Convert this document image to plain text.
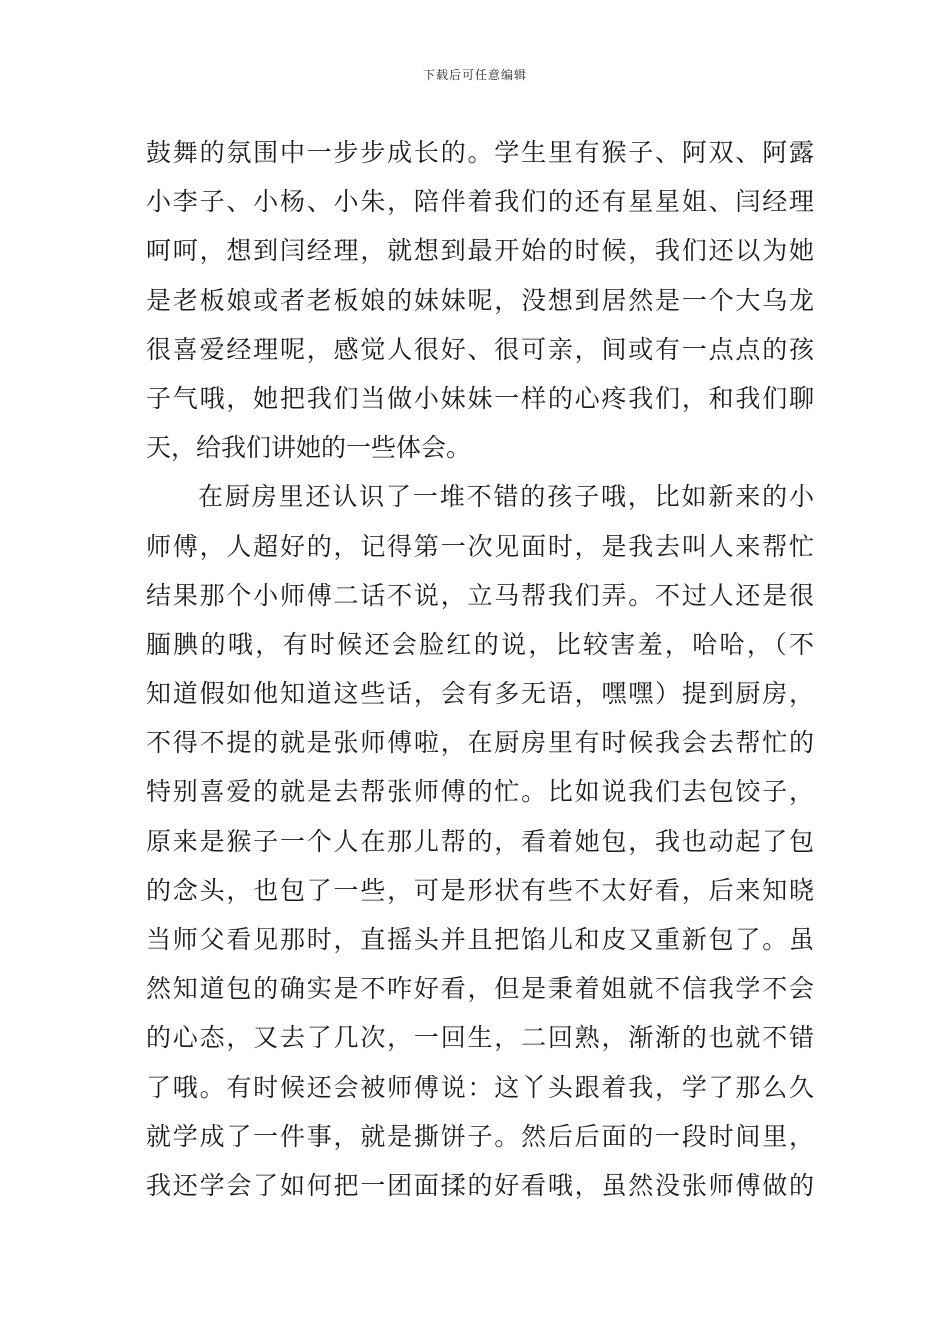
下载后可任意编辑
鼓舞的氛围中一步步成长的。学生里有猴子、阿双、阿露
小李子、小杨、小朱，陪伴着我们的还有星星姐、闫经理
呵呵，想到闫经理，就想到最开始的时候，我们还以为她
是老板娘或者老板娘的妹妹呢，没想到居然是一个大乌龙
很喜爱经理呢，感觉人很好、很可亲，间或有一点点的孩
子气哦，她把我们当做小妹妹一样的心疼我们，和我们聊
天，给我们讲她的一些体会。
在厨房里还认识了一堆不错的孩子哦，比如新来的小
师傅，人超好的，记得第一次见面时，是我去叫人来帮忙
结果那个小师傅二话不说，立马帮我们弄。不过人还是很
腼腆的哦，有时候还会脸红的说，比较害羞，哈哈，（不
知道假如他知道这些话，会有多无语，嘿嘿）提到厨房，
不得不提的就是张师傅啦，在厨房里有时候我会去帮忙的
特别喜爱的就是去帮张师傅的忙。比如说我们去包饺子，
原来是猴子一个人在那儿帮的，看着她包，我也动起了包
的念头，也包了一些，可是形状有些不太好看，后来知晓
当师父看见那时，直摇头并且把馅儿和皮又重新包了。虽
然知道包的确实是不咋好看，但是秉着姐就不信我学不会
的心态，又去了几次，一回生，二回熟，渐渐的也就不错
了哦。有时候还会被师傅说：这丫头跟着我，学了那么久
就学成了一件事，就是撕饼子。然后后面的一段时间里，
我还学会了如何把一团面揉的好看哦，虽然没张师傅做的
